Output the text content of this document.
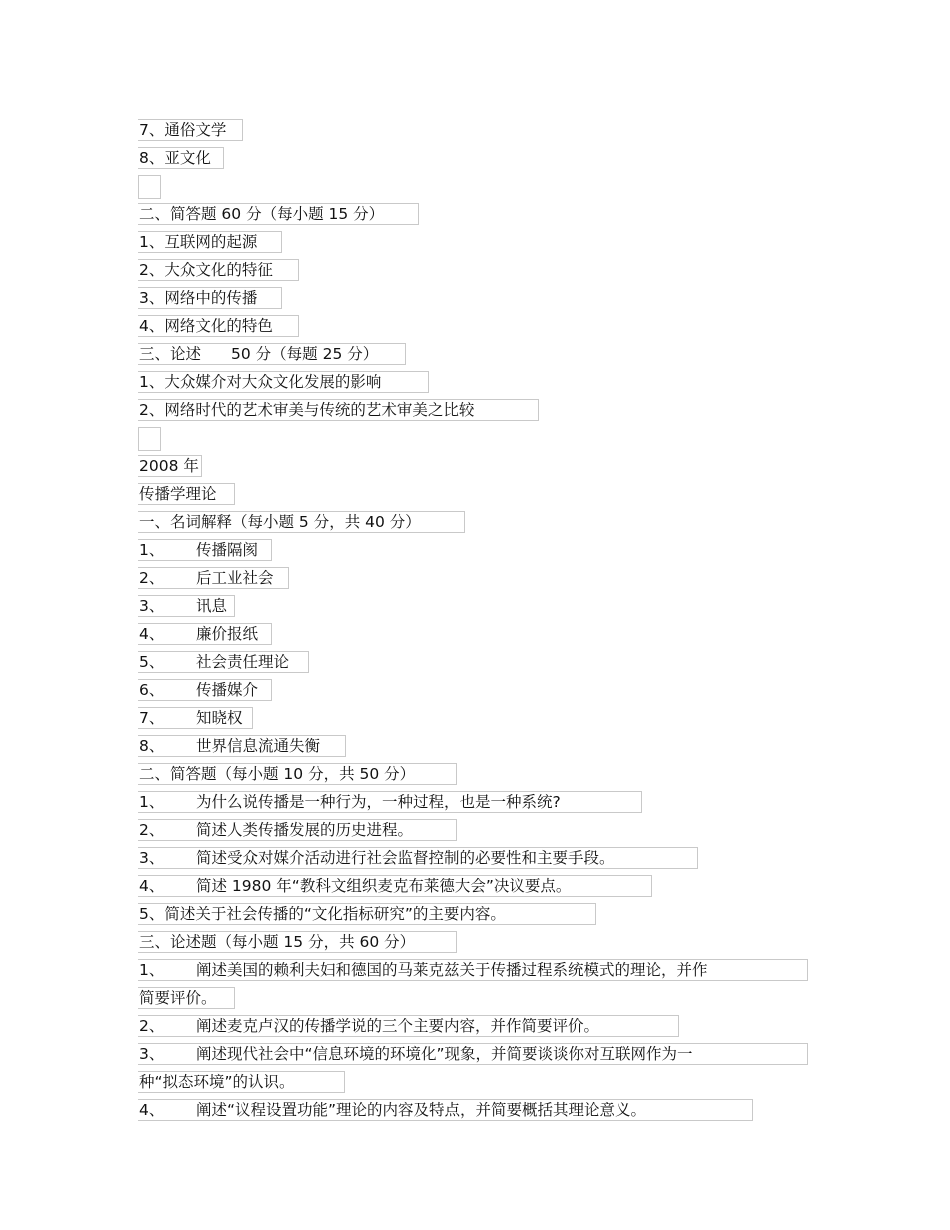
7、通俗文学
8、亚文化
二、简答题 60 分（每小题 15 分）
1、互联网的起源
2、大众文化的特征
3、网络中的传播
4、网络文化的特色
三、论述 50 分（每题 25 分）
1、大众媒介对大众文化发展的影响
2、网络时代的艺术审美与传统的艺术审美之比较
2008 年
传播学理论
一、名词解释（每小题 5 分，共 40 分）
1、 传播隔阂
2、 后工业社会
3、 讯息
4、 廉价报纸
5、 社会责任理论
6、 传播媒介
7、 知晓权
8、 世界信息流通失衡
二、简答题（每小题 10 分，共 50 分）
1、 为什么说传播是一种行为，一种过程，也是一种系统?
2、 简述人类传播发展的历史进程。
3、 简述受众对媒介活动进行社会监督控制的必要性和主要手段。
4、 简述 1980 年“教科文组织麦克布莱德大会”决议要点。
5、简述关于社会传播的“文化指标研究”的主要内容。
三、论述题（每小题 15 分，共 60 分）
1、 阐述美国的赖利夫妇和德国的马莱克兹关于传播过程系统模式的理论，并作
简要评价。
2、 阐述麦克卢汉的传播学说的三个主要内容，并作简要评价。
3、 阐述现代社会中“信息环境的环境化”现象，并简要谈谈你对互联网作为一
种“拟态环境”的认识。
4、 阐述“议程设置功能”理论的内容及特点，并简要概括其理论意义。
